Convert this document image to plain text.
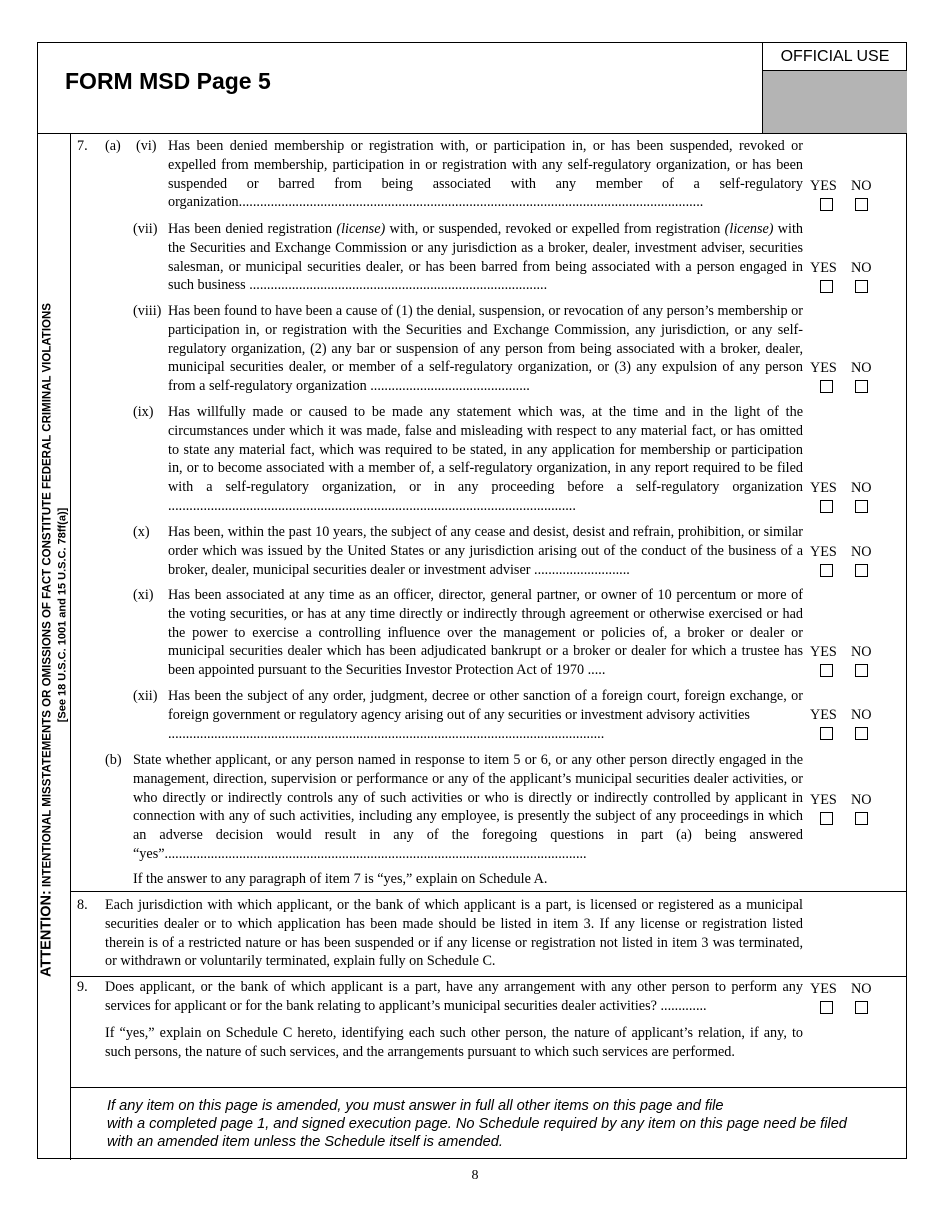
FORM MSD Page 5
OFFICIAL USE
ATTENTION: INTENTIONAL MISSTATEMENTS OR OMISSIONS OF FACT CONSTITUTE FEDERAL CRIMINAL VIOLATIONS [See 18 U.S.C. 1001 and 15 U.S.C. 78ff(a)]
7. (a) (vi) Has been denied membership or registration with, or participation in, or has been suspended, revoked or expelled from membership, participation in or registration with any self-regulatory organization, or has been suspended or barred from being associated with any member of a self-regulatory organization...................................................................................................................................
YES NO
(vii) Has been denied registration (license) with, or suspended, revoked or expelled from registration (license) with the Securities and Exchange Commission or any jurisdiction as a broker, dealer, investment adviser, securities salesman, or municipal securities dealer, or has been barred from being associated with a person engaged in such business ....................................................................................
YES NO
(viii) Has been found to have been a cause of (1) the denial, suspension, or revocation of any person’s membership or participation in, or registration with the Securities and Exchange Commission, any jurisdiction, or any self-regulatory organization, (2) any bar or suspension of any person from being associated with a broker, dealer, municipal securities dealer, or member of a self-regulatory organization, or (3) any expulsion of any person from a self-regulatory organization .............................................
YES NO
(ix) Has willfully made or caused to be made any statement which was, at the time and in the light of the circumstances under which it was made, false and misleading with respect to any material fact, or has omitted to state any material fact, which was required to be stated, in any application for membership or participation in, or to become associated with a member of, a self-regulatory organization, in any report required to be filed with a self-regulatory organization, or in any proceeding before a self-regulatory organization ...................................................................................................................
YES NO
(x) Has been, within the past 10 years, the subject of any cease and desist, desist and refrain, prohibition, or similar order which was issued by the United States or any jurisdiction arising out of the conduct of the business of a broker, dealer, municipal securities dealer or investment adviser ...........................
YES NO
(xi) Has been associated at any time as an officer, director, general partner, or owner of 10 percentum or more of the voting securities, or has at any time directly or indirectly through agreement or otherwise exercised or had the power to exercise a controlling influence over the management or policies of, a broker or dealer or municipal securities dealer which has been adjudicated bankrupt or a broker or dealer for which a trustee has been appointed pursuant to the Securities Investor Protection Act of 1970 .....
YES NO
(xii) Has been the subject of any order, judgment, decree or other sanction of a foreign court, foreign exchange, or foreign government or regulatory agency arising out of any securities or investment advisory activities
...........................................................................................................................
YES NO
(b) State whether applicant, or any person named in response to item 5 or 6, or any other person directly engaged in the management, direction, supervision or performance or any of the applicant’s municipal securities dealer activities, or who directly or indirectly controls any of such activities or who is directly or indirectly controlled by applicant in connection with any of such activities, including any employee, is presently the subject of any proceedings in which an adverse decision would result in any of the foregoing questions in part (a) being answered “yes”.......................................................................................................................
YES NO
If the answer to any paragraph of item 7 is “yes,” explain on Schedule A.
8. Each jurisdiction with which applicant, or the bank of which applicant is a part, is licensed or registered as a municipal securities dealer or to which application has been made should be listed in item 3. If any license or registration listed therein is of a restricted nature or has been suspended or if any license or registration not listed in item 3 was terminated, or withdrawn or voluntarily terminated, explain fully on Schedule C.
9. Does applicant, or the bank of which applicant is a part, have any arrangement with any other person to perform any services for applicant or for the bank relating to applicant’s municipal securities dealer activities? .............
YES NO
If “yes,” explain on Schedule C hereto, identifying each such other person, the nature of applicant’s relation, if any, to such persons, the nature of such services, and the arrangements pursuant to which such services are performed.
If any item on this page is amended, you must answer in full all other items on this page and file
with a completed page 1, and signed execution page. No Schedule required by any item on this page need be filed
with an amended item unless the Schedule itself is amended.
8
